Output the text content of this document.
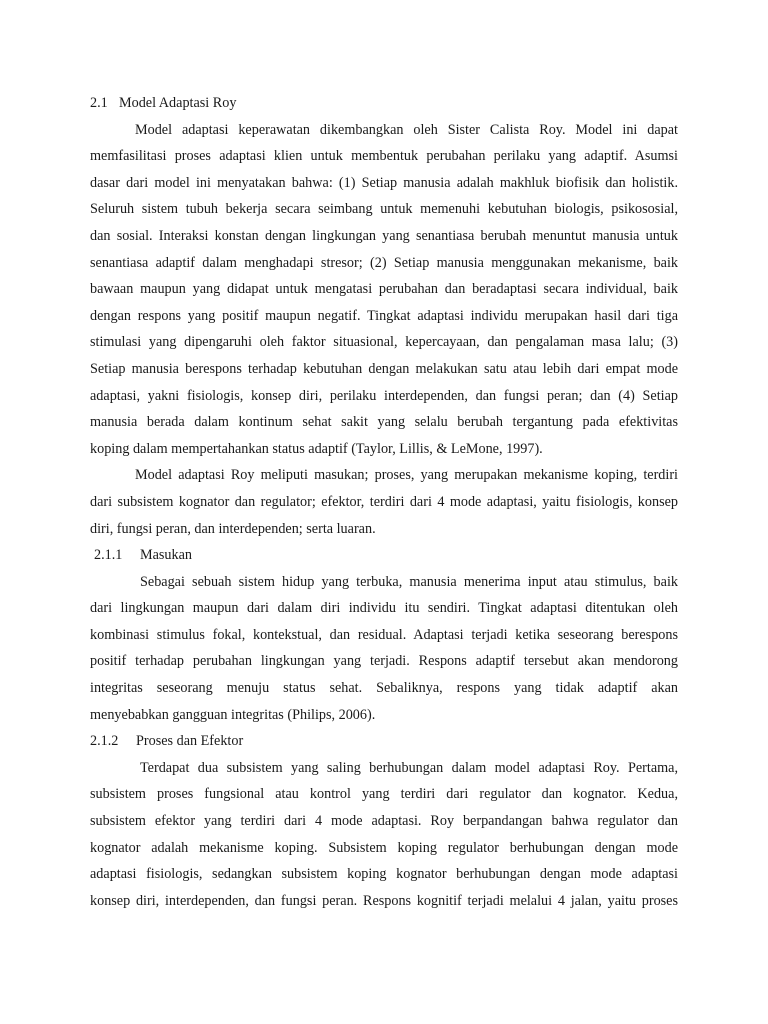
2.1 Model Adaptasi Roy
Model adaptasi keperawatan dikembangkan oleh Sister Calista Roy. Model ini dapat
memfasilitasi proses adaptasi klien untuk membentuk perubahan perilaku yang adaptif. Asumsi
dasar dari model ini menyatakan bahwa: (1) Setiap manusia adalah makhluk biofisik dan holistik.
Seluruh sistem tubuh bekerja secara seimbang untuk memenuhi kebutuhan biologis, psikososial,
dan sosial. Interaksi konstan dengan lingkungan yang senantiasa berubah menuntut manusia untuk
senantiasa adaptif dalam menghadapi stresor; (2) Setiap manusia menggunakan mekanisme, baik
bawaan maupun yang didapat untuk mengatasi perubahan dan beradaptasi secara individual, baik
dengan respons yang positif maupun negatif. Tingkat adaptasi individu merupakan hasil dari tiga
stimulasi yang dipengaruhi oleh faktor situasional, kepercayaan, dan pengalaman masa lalu; (3)
Setiap manusia berespons terhadap kebutuhan dengan melakukan satu atau lebih dari empat mode
adaptasi, yakni fisiologis, konsep diri, perilaku interdependen, dan fungsi peran; dan (4) Setiap
manusia berada dalam kontinum sehat sakit yang selalu berubah tergantung pada efektivitas
koping dalam mempertahankan status adaptif (Taylor, Lillis, & LeMone, 1997).
Model adaptasi Roy meliputi masukan; proses, yang merupakan mekanisme koping, terdiri
dari subsistem kognator dan regulator; efektor, terdiri dari 4 mode adaptasi, yaitu fisiologis, konsep
diri, fungsi peran, dan interdependen; serta luaran.
2.1.1 Masukan
Sebagai sebuah sistem hidup yang terbuka, manusia menerima input atau stimulus, baik
dari lingkungan maupun dari dalam diri individu itu sendiri. Tingkat adaptasi ditentukan oleh
kombinasi stimulus fokal, kontekstual, dan residual. Adaptasi terjadi ketika seseorang berespons
positif terhadap perubahan lingkungan yang terjadi. Respons adaptif tersebut akan mendorong
integritas seseorang menuju status sehat. Sebaliknya, respons yang tidak adaptif akan
menyebabkan gangguan integritas (Philips, 2006).
2.1.2 Proses dan Efektor
Terdapat dua subsistem yang saling berhubungan dalam model adaptasi Roy. Pertama,
subsistem proses fungsional atau kontrol yang terdiri dari regulator dan kognator. Kedua,
subsistem efektor yang terdiri dari 4 mode adaptasi. Roy berpandangan bahwa regulator dan
kognator adalah mekanisme koping. Subsistem koping regulator berhubungan dengan mode
adaptasi fisiologis, sedangkan subsistem koping kognator berhubungan dengan mode adaptasi
konsep diri, interdependen, dan fungsi peran. Respons kognitif terjadi melalui 4 jalan, yaitu proses
